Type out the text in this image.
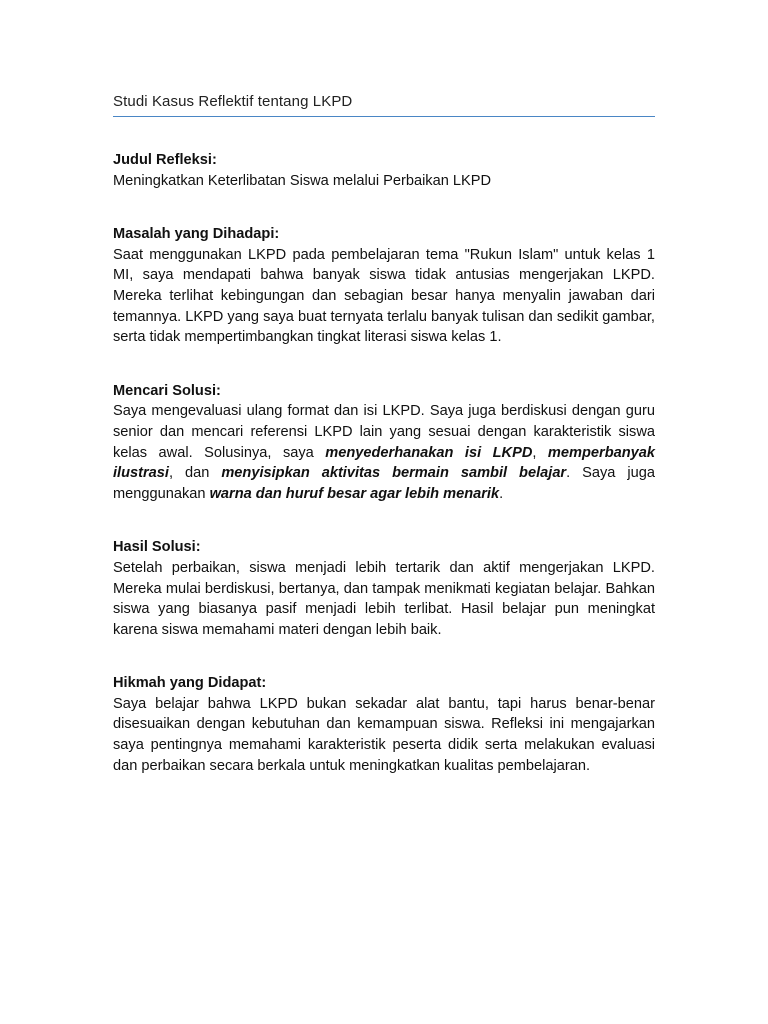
Studi Kasus Reflektif tentang LKPD

Judul Refleksi:

Meningkatkan Keterlibatan Siswa melalui Perbaikan LKPD

Masalah yang Dihadapi:

Saat menggunakan LKPD pada pembelajaran tema "Rukun Islam" untuk kelas 1 MI, saya mendapati bahwa banyak siswa tidak antusias mengerjakan LKPD. Mereka terlihat kebingungan dan sebagian besar hanya menyalin jawaban dari temannya. LKPD yang saya buat ternyata terlalu banyak tulisan dan sedikit gambar, serta tidak mempertimbangkan tingkat literasi siswa kelas 1.

Mencari Solusi:

Saya mengevaluasi ulang format dan isi LKPD. Saya juga berdiskusi dengan guru senior dan mencari referensi LKPD lain yang sesuai dengan karakteristik siswa kelas awal. Solusinya, saya menyederhanakan isi LKPD, memperbanyak ilustrasi, dan menyisipkan aktivitas bermain sambil belajar. Saya juga menggunakan warna dan huruf besar agar lebih menarik.

Hasil Solusi:

Setelah perbaikan, siswa menjadi lebih tertarik dan aktif mengerjakan LKPD. Mereka mulai berdiskusi, bertanya, dan tampak menikmati kegiatan belajar. Bahkan siswa yang biasanya pasif menjadi lebih terlibat. Hasil belajar pun meningkat karena siswa memahami materi dengan lebih baik.

Hikmah yang Didapat:

Saya belajar bahwa LKPD bukan sekadar alat bantu, tapi harus benar-benar disesuaikan dengan kebutuhan dan kemampuan siswa. Refleksi ini mengajarkan saya pentingnya memahami karakteristik peserta didik serta melakukan evaluasi dan perbaikan secara berkala untuk meningkatkan kualitas pembelajaran.
